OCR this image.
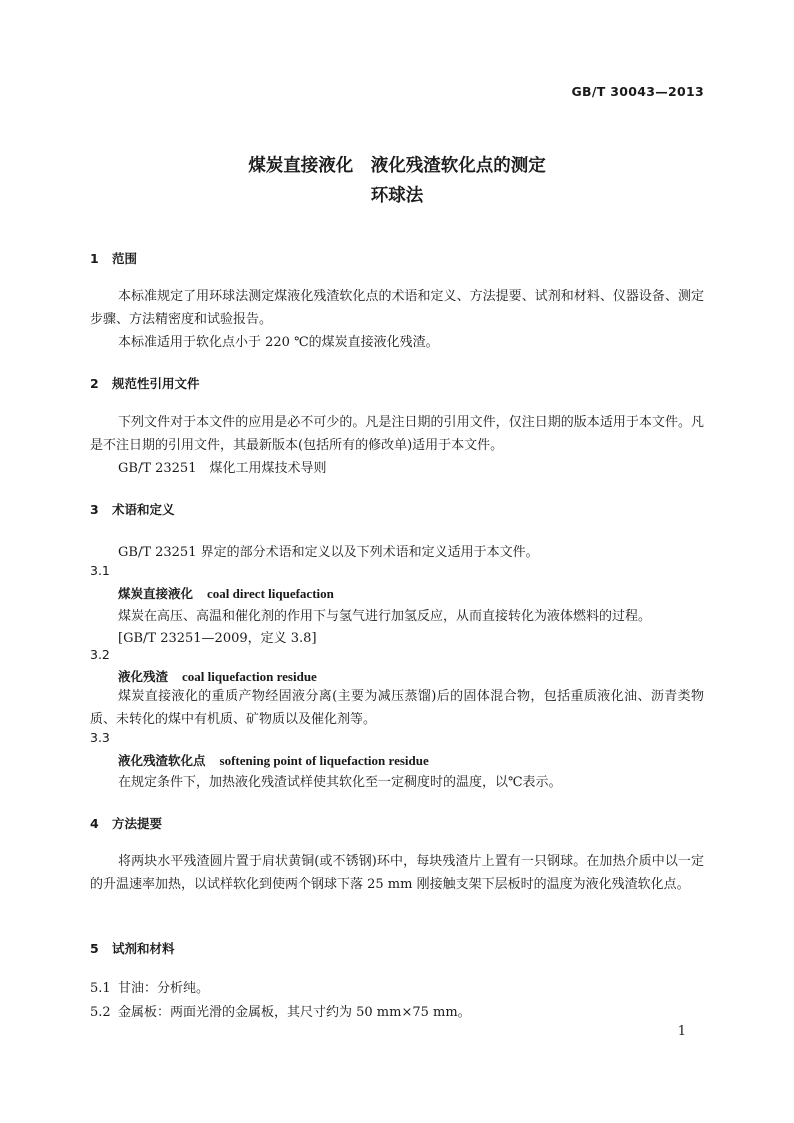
GB/T 30043—2013
煤炭直接液化　液化残渣软化点的测定
环球法
1 范围
本标准规定了用环球法测定煤液化残渣软化点的术语和定义、方法提要、试剂和材料、仪器设备、测定步骤、方法精密度和试验报告。
本标准适用于软化点小于 220 ℃的煤炭直接液化残渣。
2 规范性引用文件
下列文件对于本文件的应用是必不可少的。凡是注日期的引用文件，仅注日期的版本适用于本文件。凡是不注日期的引用文件，其最新版本(包括所有的修改单)适用于本文件。
GB/T 23251　煤化工用煤技术导则
3 术语和定义
GB/T 23251 界定的部分术语和定义以及下列术语和定义适用于本文件。
3.1
煤炭直接液化 coal direct liquefaction
煤炭在高压、高温和催化剂的作用下与氢气进行加氢反应，从而直接转化为液体燃料的过程。
[GB/T 23251—2009，定义 3.8]
3.2
液化残渣 coal liquefaction residue
煤炭直接液化的重质产物经固液分离(主要为减压蒸馏)后的固体混合物，包括重质液化油、沥青类物质、未转化的煤中有机质、矿物质以及催化剂等。
3.3
液化残渣软化点 softening point of liquefaction residue
在规定条件下，加热液化残渣试样使其软化至一定稠度时的温度，以℃表示。
4 方法提要
将两块水平残渣圆片置于肩状黄铜(或不锈钢)环中，每块残渣片上置有一只钢球。在加热介质中以一定的升温速率加热，以试样软化到使两个钢球下落 25 mm 刚接触支架下层板时的温度为液化残渣软化点。
5 试剂和材料
5.1 甘油：分析纯。
5.2 金属板：两面光滑的金属板，其尺寸约为 50 mm×75 mm。
1
